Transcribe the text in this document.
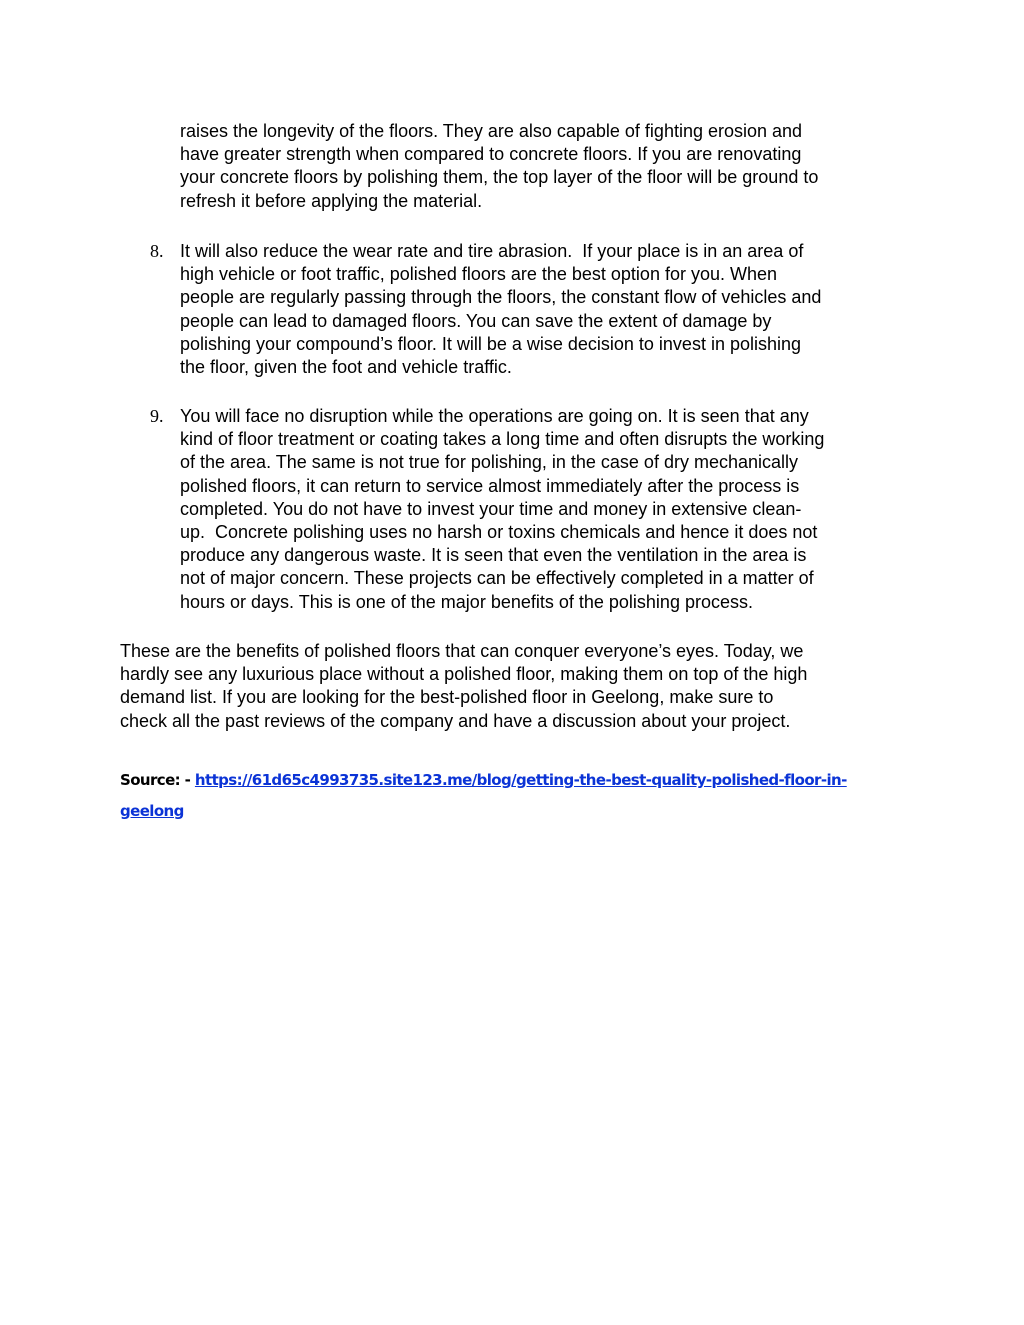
raises the longevity of the floors. They are also capable of fighting erosion and
have greater strength when compared to concrete floors. If you are renovating
your concrete floors by polishing them, the top layer of the floor will be ground to
refresh it before applying the material.

8. It will also reduce the wear rate and tire abrasion.  If your place is in an area of
high vehicle or foot traffic, polished floors are the best option for you. When
people are regularly passing through the floors, the constant flow of vehicles and
people can lead to damaged floors. You can save the extent of damage by
polishing your compound’s floor. It will be a wise decision to invest in polishing
the floor, given the foot and vehicle traffic.

9. You will face no disruption while the operations are going on. It is seen that any
kind of floor treatment or coating takes a long time and often disrupts the working
of the area. The same is not true for polishing, in the case of dry mechanically
polished floors, it can return to service almost immediately after the process is
completed. You do not have to invest your time and money in extensive clean-
up.  Concrete polishing uses no harsh or toxins chemicals and hence it does not
produce any dangerous waste. It is seen that even the ventilation in the area is
not of major concern. These projects can be effectively completed in a matter of
hours or days. This is one of the major benefits of the polishing process.

These are the benefits of polished floors that can conquer everyone’s eyes. Today, we
hardly see any luxurious place without a polished floor, making them on top of the high
demand list. If you are looking for the best-polished floor in Geelong, make sure to
check all the past reviews of the company and have a discussion about your project.

Source: - https://61d65c4993735.site123.me/blog/getting-the-best-quality-polished-floor-in-
geelong
